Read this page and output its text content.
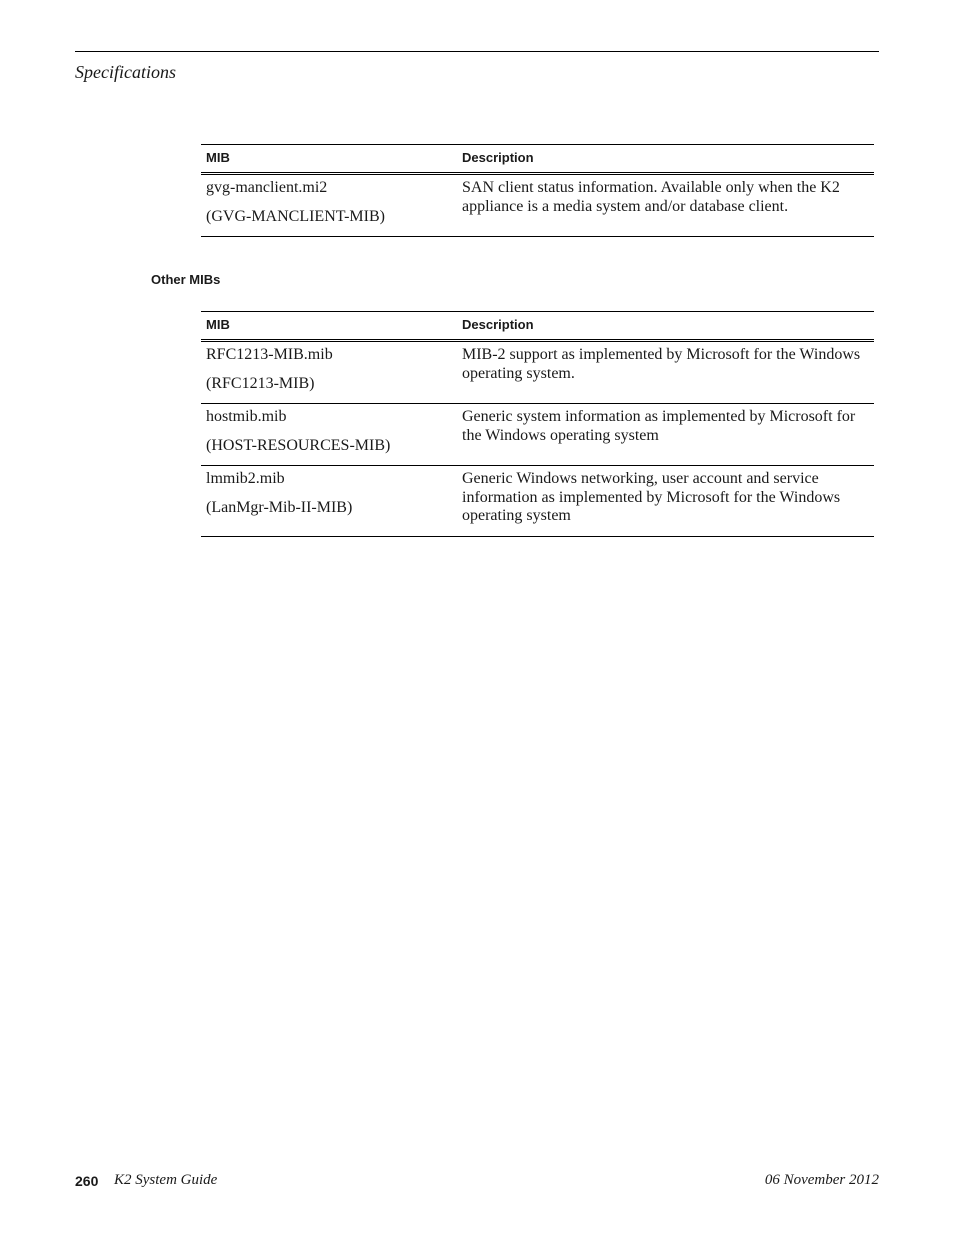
Specifications
MIB	Description

gvg-manclient.mi2
(GVG-MANCLIENT-MIB)	SAN client status information. Available only when the K2 appliance is a media system and/or database client.
Other MIBs
MIB	Description

RFC1213-MIB.mib
(RFC1213-MIB)	MIB-2 support as implemented by Microsoft for the Windows operating system.

hostmib.mib
(HOST-RESOURCES-MIB)	Generic system information as implemented by Microsoft for the Windows operating system

lmmib2.mib
(LanMgr-Mib-II-MIB)	Generic Windows networking, user account and service information as implemented by Microsoft for the Windows operating system
260 K2 System Guide	06 November 2012
